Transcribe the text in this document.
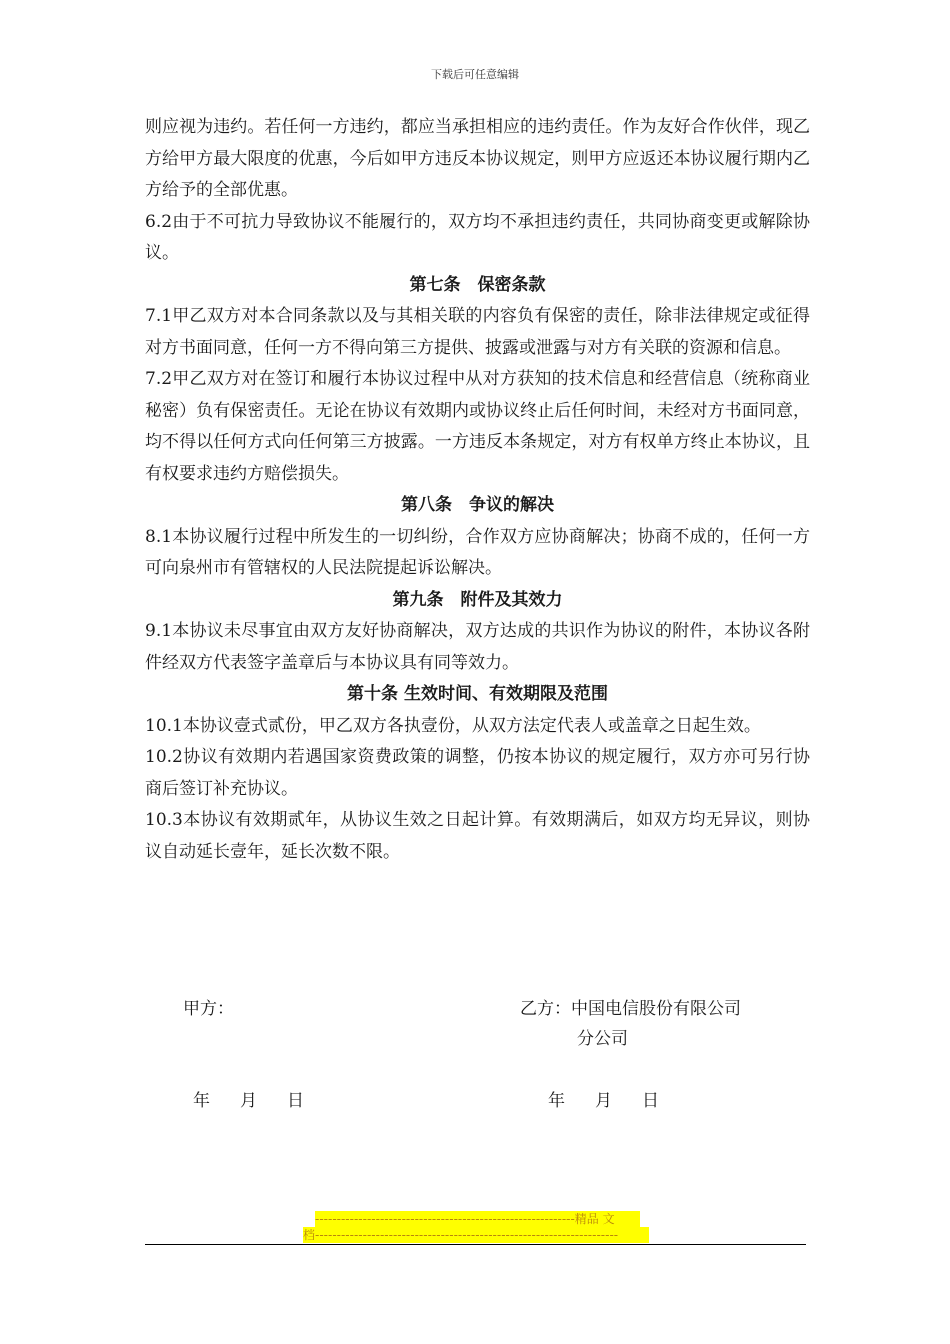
下载后可任意编辑

则应视为违约。若任何一方违约，都应当承担相应的违约责任。作为友好合作伙伴，现乙方给甲方最大限度的优惠，今后如甲方违反本协议规定，则甲方应返还本协议履行期内乙方给予的全部优惠。

6.2由于不可抗力导致协议不能履行的，双方均不承担违约责任，共同协商变更或解除协议。

第七条　保密条款

7.1甲乙双方对本合同条款以及与其相关联的内容负有保密的责任，除非法律规定或征得对方书面同意，任何一方不得向第三方提供、披露或泄露与对方有关联的资源和信息。

7.2甲乙双方对在签订和履行本协议过程中从对方获知的技术信息和经营信息（统称商业秘密）负有保密责任。无论在协议有效期内或协议终止后任何时间，未经对方书面同意，均不得以任何方式向任何第三方披露。一方违反本条规定，对方有权单方终止本协议，且有权要求违约方赔偿损失。

第八条　争议的解决

8.1本协议履行过程中所发生的一切纠纷，合作双方应协商解决；协商不成的，任何一方可向泉州市有管辖权的人民法院提起诉讼解决。

第九条　附件及其效力

9.1本协议未尽事宜由双方友好协商解决，双方达成的共识作为协议的附件，本协议各附件经双方代表签字盖章后与本协议具有同等效力。

第十条 生效时间、有效期限及范围

10.1本协议壹式贰份，甲乙双方各执壹份，从双方法定代表人或盖章之日起生效。

10.2协议有效期内若遇国家资费政策的调整，仍按本协议的规定履行，双方亦可另行协商后签订补充协议。

10.3本协议有效期贰年，从协议生效之日起计算。有效期满后，如双方均无异议，则协议自动延长壹年，延长次数不限。

甲方：	乙方：中国电信股份有限公司
分公司
年 月 日	年 月 日
------------------------------------------------------------精品 文
档----------------------------------------------------------------------
